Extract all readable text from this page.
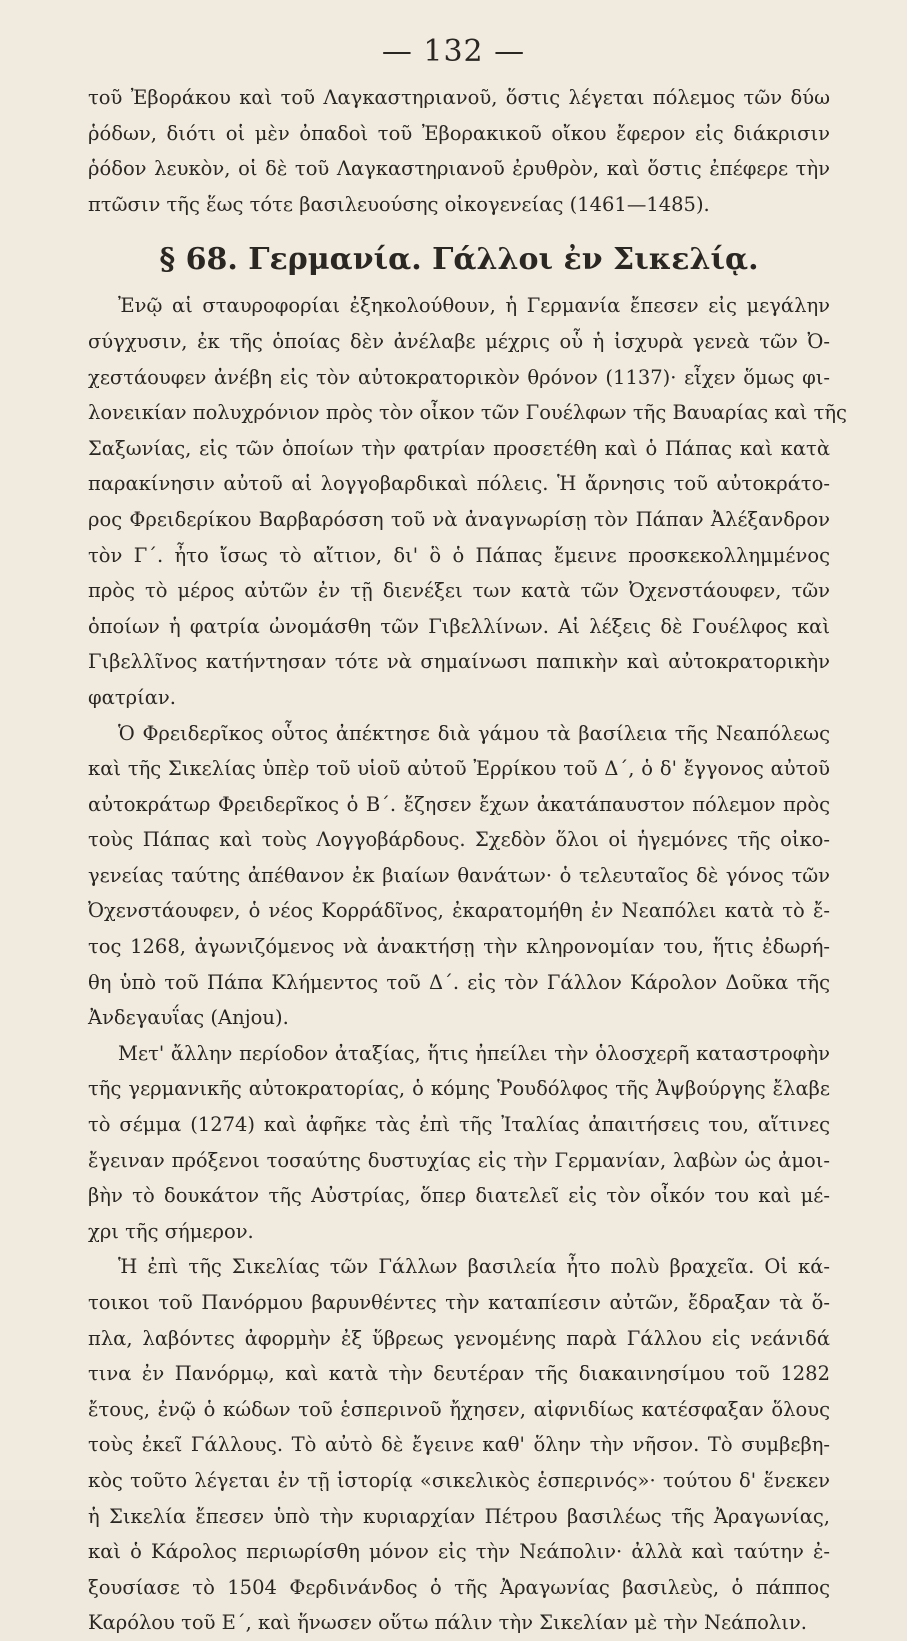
— 132 —
τοῦ Ἐβοράκου καὶ τοῦ Λαγκαστηριανοῦ, ὅστις λέγεται πόλεμος τῶν δύω
ῥόδων, διότι οἱ μὲν ὀπαδοὶ τοῦ Ἐβορακικοῦ οἴκου ἔφερον εἰς διάκρισιν
ῥόδον λευκὸν, οἱ δὲ τοῦ Λαγκαστηριανοῦ ἐρυθρὸν, καὶ ὅστις ἐπέφερε τὴν
πτῶσιν τῆς ἕως τότε βασιλευούσης οἰκογενείας (1461—1485).
§ 68. Γερμανία. Γάλλοι ἐν Σικελίᾳ.
Ἐνῷ αἱ σταυροφορίαι ἐξηκολούθουν, ἡ Γερμανία ἔπεσεν εἰς μεγάλην
σύγχυσιν, ἐκ τῆς ὁποίας δὲν ἀνέλαβε μέχρις οὗ ἡ ἰσχυρὰ γενεὰ τῶν Ὀ-
χεστάουφεν ἀνέβη εἰς τὸν αὐτοκρατορικὸν θρόνον (1137)· εἶχεν ὅμως φι-
λονεικίαν πολυχρόνιον πρὸς τὸν οἶκον τῶν Γουέλφων τῆς Βαυαρίας καὶ τῆς
Σαξωνίας, εἰς τῶν ὁποίων τὴν φατρίαν προσετέθη καὶ ὁ Πάπας καὶ κατὰ
παρακίνησιν αὐτοῦ αἱ λογγοβαρδικαὶ πόλεις. Ἡ ἄρνησις τοῦ αὐτοκράτο-
ρος Φρειδερίκου Βαρβαρόσση τοῦ νὰ ἀναγνωρίσῃ τὸν Πάπαν Ἀλέξανδρον
τὸν Γ΄. ἦτο ἴσως τὸ αἴτιον, δι' ὃ ὁ Πάπας ἔμεινε προσκεκολλημμένος
πρὸς τὸ μέρος αὐτῶν ἐν τῇ διενέξει των κατὰ τῶν Ὀχενστάουφεν, τῶν
ὁποίων ἡ φατρία ὠνομάσθη τῶν Γιβελλίνων. Αἱ λέξεις δὲ Γουέλφος καὶ
Γιβελλῖνος κατήντησαν τότε νὰ σημαίνωσι παπικὴν καὶ αὐτοκρατορικὴν
φατρίαν.
Ὁ Φρειδερῖκος οὗτος ἀπέκτησε διὰ γάμου τὰ βασίλεια τῆς Νεαπόλεως
καὶ τῆς Σικελίας ὑπὲρ τοῦ υἱοῦ αὐτοῦ Ἐρρίκου τοῦ Δ΄, ὁ δ' ἔγγονος αὐτοῦ
αὐτοκράτωρ Φρειδερῖκος ὁ Β΄. ἔζησεν ἔχων ἀκατάπαυστον πόλεμον πρὸς
τοὺς Πάπας καὶ τοὺς Λογγοβάρδους. Σχεδὸν ὅλοι οἱ ἡγεμόνες τῆς οἰκο-
γενείας ταύτης ἀπέθανον ἐκ βιαίων θανάτων· ὁ τελευταῖος δὲ γόνος τῶν
Ὀχενστάουφεν, ὁ νέος Κορράδῖνος, ἐκαρατομήθη ἐν Νεαπόλει κατὰ τὸ ἔ-
τος 1268, ἀγωνιζόμενος νὰ ἀνακτήσῃ τὴν κληρονομίαν του, ἥτις ἐδωρή-
θη ὑπὸ τοῦ Πάπα Κλήμεντος τοῦ Δ΄. εἰς τὸν Γάλλον Κάρολον Δοῦκα τῆς
Ἀνδεγαυΐας (Anjou).
Μετ' ἄλλην περίοδον ἀταξίας, ἥτις ἠπείλει τὴν ὁλοσχερῆ καταστροφὴν
τῆς γερμανικῆς αὐτοκρατορίας, ὁ κόμης Ῥουδόλφος τῆς Ἀψβούργης ἔλαβε
τὸ σέμμα (1274) καὶ ἀφῆκε τὰς ἐπὶ τῆς Ἰταλίας ἀπαιτήσεις του, αἵτινες
ἔγειναν πρόξενοι τοσαύτης δυστυχίας εἰς τὴν Γερμανίαν, λαβὼν ὡς ἀμοι-
βὴν τὸ δουκάτον τῆς Αὐστρίας, ὅπερ διατελεῖ εἰς τὸν οἶκόν του καὶ μέ-
χρι τῆς σήμερον.
Ἡ ἐπὶ τῆς Σικελίας τῶν Γάλλων βασιλεία ἦτο πολὺ βραχεῖα. Οἱ κά-
τοικοι τοῦ Πανόρμου βαρυνθέντες τὴν καταπίεσιν αὐτῶν, ἔδραξαν τὰ ὅ-
πλα, λαβόντες ἀφορμὴν ἐξ ὕβρεως γενομένης παρὰ Γάλλου εἰς νεάνιδά
τινα ἐν Πανόρμῳ, καὶ κατὰ τὴν δευτέραν τῆς διακαινησίμου τοῦ 1282
ἔτους, ἐνῷ ὁ κώδων τοῦ ἑσπερινοῦ ἤχησεν, αἰφνιδίως κατέσφαξαν ὅλους
τοὺς ἐκεῖ Γάλλους. Τὸ αὐτὸ δὲ ἔγεινε καθ' ὅλην τὴν νῆσον. Τὸ συμβεβη-
κὸς τοῦτο λέγεται ἐν τῇ ἱστορίᾳ «σικελικὸς ἑσπερινός»· τούτου δ' ἕνεκεν
ἡ Σικελία ἔπεσεν ὑπὸ τὴν κυριαρχίαν Πέτρου βασιλέως τῆς Ἀραγωνίας,
καὶ ὁ Κάρολος περιωρίσθη μόνον εἰς τὴν Νεάπολιν· ἀλλὰ καὶ ταύτην ἐ-
ξουσίασε τὸ 1504 Φερδινάνδος ὁ τῆς Ἀραγωνίας βασιλεὺς, ὁ πάππος
Καρόλου τοῦ Ε΄, καὶ ἥνωσεν οὕτω πάλιν τὴν Σικελίαν μὲ τὴν Νεάπολιν.
